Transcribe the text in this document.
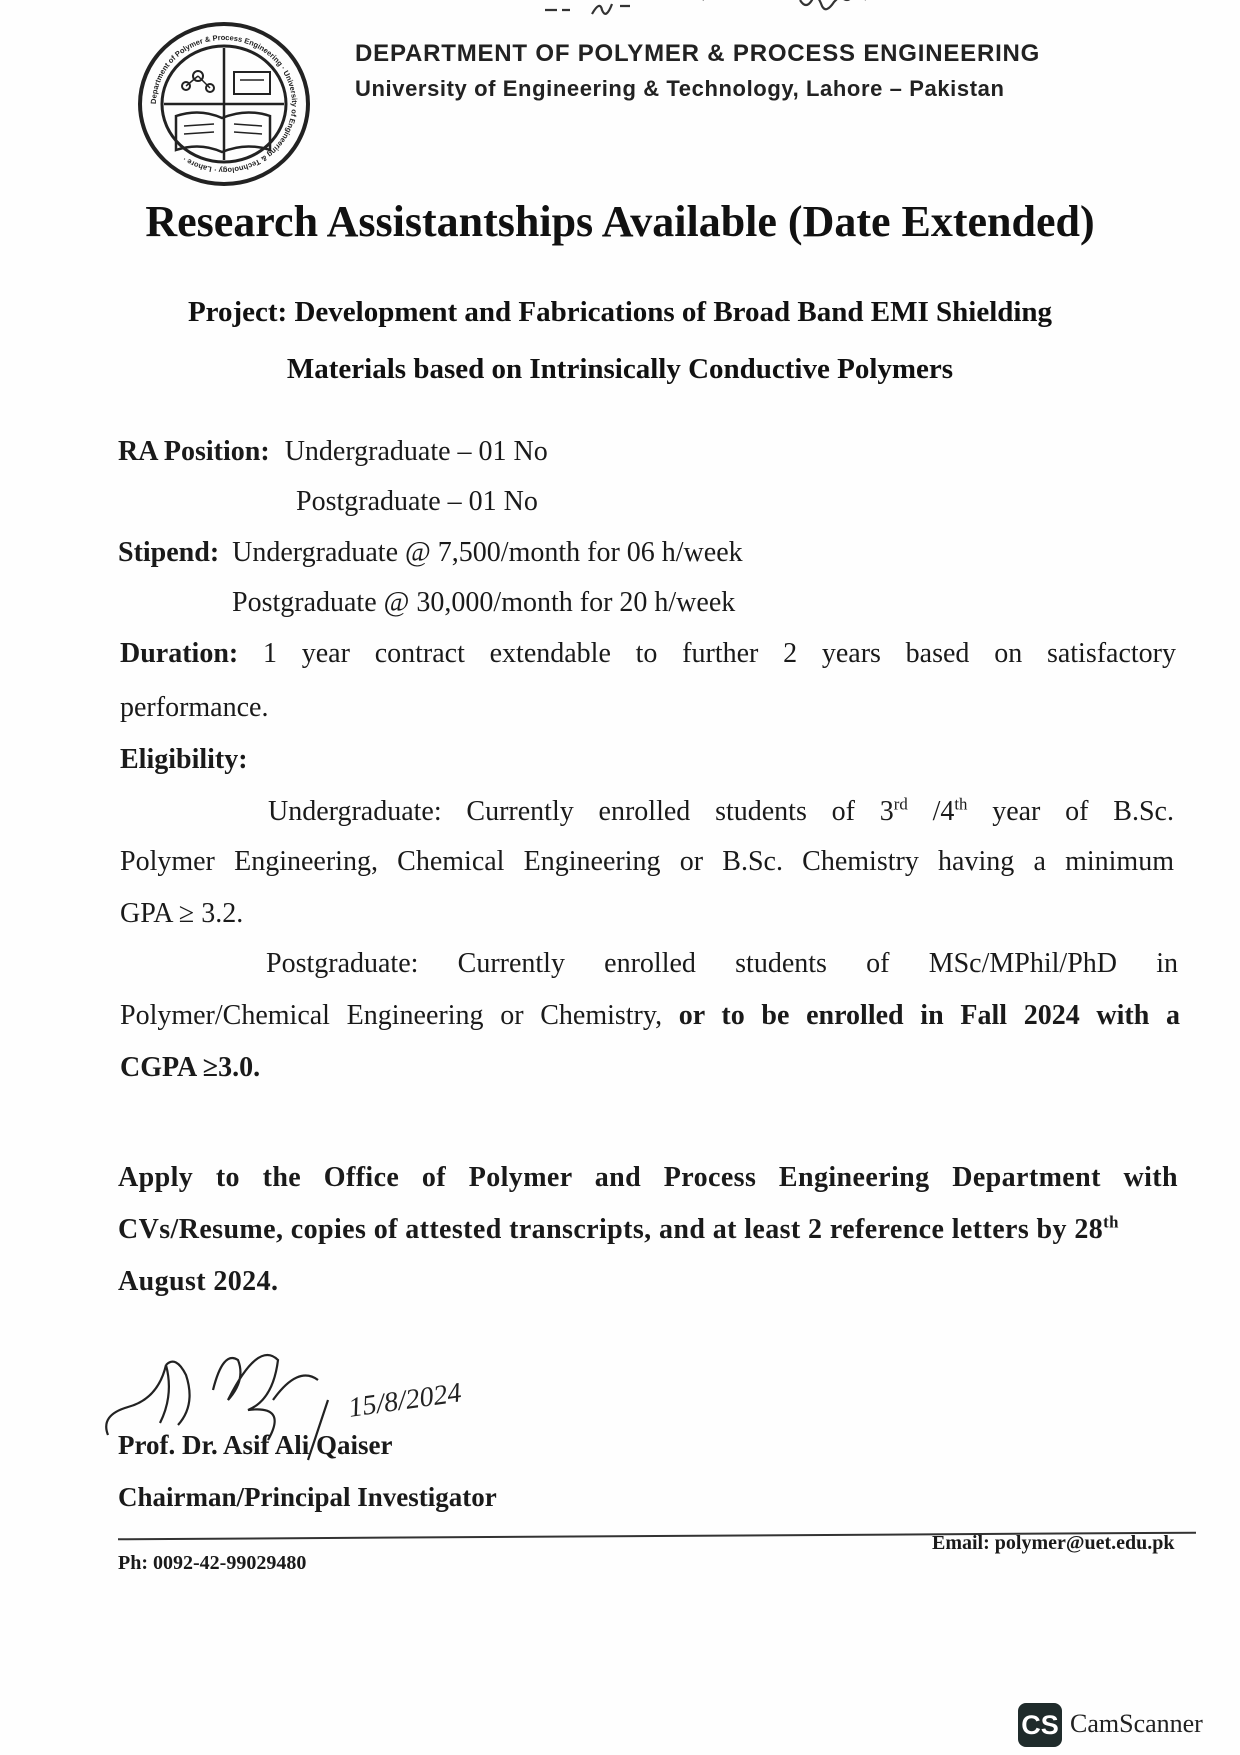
Department of Polymer & Process Engineering · University of Engineering & Technology · Lahore ·
DEPARTMENT OF POLYMER & PROCESS ENGINEERING
University of Engineering & Technology, Lahore – Pakistan
Research Assistantships Available (Date Extended)
Project: Development and Fabrications of Broad Band EMI Shielding
Materials based on Intrinsically Conductive Polymers
RA Position: Undergraduate – 01 No
Postgraduate – 01 No
Stipend: Undergraduate @ 7,500/month for 06 h/week
Postgraduate @ 30,000/month for 20 h/week
Duration: 1 year contract extendable to further 2 years based on satisfactory
performance.
Eligibility:
Undergraduate: Currently enrolled students of 3rd /4th year of B.Sc.
Polymer Engineering, Chemical Engineering or B.Sc. Chemistry having a minimum
GPA ≥ 3.2.
Postgraduate: Currently enrolled students of MSc/MPhil/PhD in
Polymer/Chemical Engineering or Chemistry, or to be enrolled in Fall 2024 with a
CGPA ≥3.0.
Apply to the Office of Polymer and Process Engineering Department with
CVs/Resume, copies of attested transcripts, and at least 2 reference letters by 28th
August 2024.
15/8/2024
Prof. Dr. Asif Ali Qaiser
Chairman/Principal Investigator
Ph: 0092-42-99029480
Email: polymer@uet.edu.pk
CS CamScanner
